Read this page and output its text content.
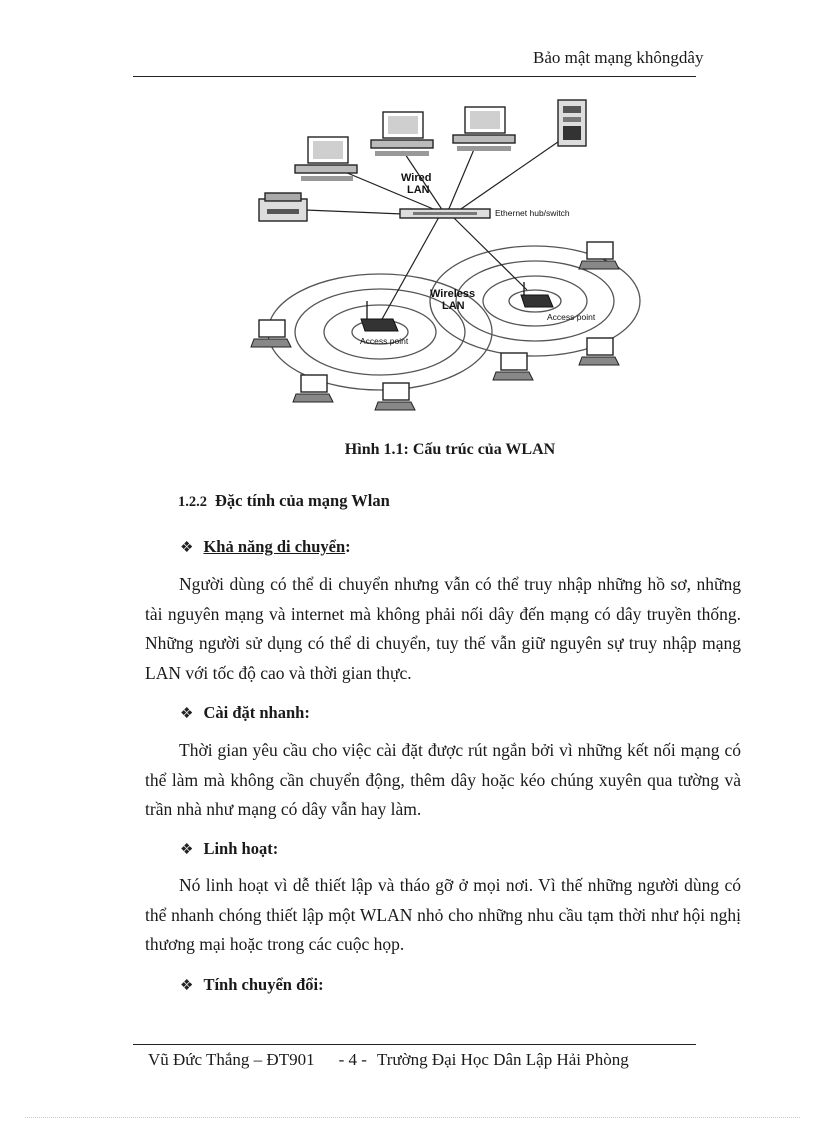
Bảo mật mạng khôngdây
Wired
LAN
Ethernet hub/switch
Wireless
LAN
Access point
Access point
Hình 1.1: Cấu trúc của WLAN
1.2.2 Đặc tính của mạng Wlan
❖ Khả năng di chuyển:
Người dùng có thể di chuyển nhưng vẫn có thể truy nhập những hồ sơ, những tài nguyên mạng và internet mà không phải nối dây đến mạng có dây truyền thống. Những người sử dụng có thể di chuyển, tuy thế vẫn giữ nguyên sự truy nhập mạng LAN với tốc độ cao và thời gian thực.
❖ Cài đặt nhanh:
Thời gian yêu cầu cho việc cài đặt được rút ngắn bởi vì những kết nối mạng có thể làm mà không cần chuyển động, thêm dây hoặc kéo chúng xuyên qua tường và trần nhà như mạng có dây vẫn hay làm.
❖ Linh hoạt:
Nó linh hoạt vì dễ thiết lập và tháo gỡ ở mọi nơi. Vì thế những người dùng có thể nhanh chóng thiết lập một WLAN nhỏ cho những nhu cầu tạm thời như hội nghị thương mại hoặc trong các cuộc họp.
❖ Tính chuyển đổi:
Vũ Đức Thắng – ĐT901 - 4 - Trường Đại Học Dân Lập Hải Phòng
